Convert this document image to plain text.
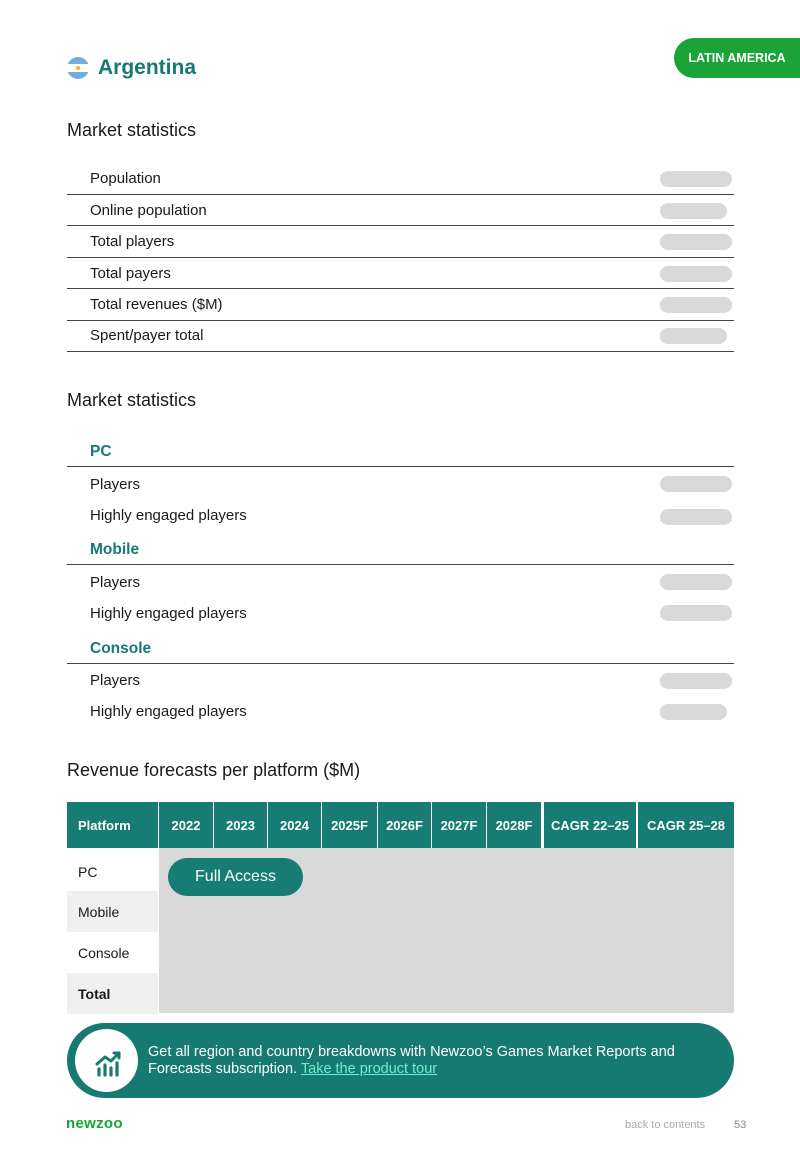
LATIN AMERICA
Argentina
Market statistics
Population
Online population
Total players
Total payers
Total revenues ($M)
Spent/payer total
Market statistics
PC
Players
Highly engaged players
Mobile
Players
Highly engaged players
Console
Players
Highly engaged players
Revenue forecasts per platform ($M)
Platform	2022	2023	2024	2025F	2026F	2027F	2028F	CAGR 22–25	CAGR 25–28
PC
Mobile
Console
Total
Full Access
Get all region and country breakdowns with Newzoo’s Games Market Reports and Forecasts subscription. Take the product tour
newzoo	back to contents	53
